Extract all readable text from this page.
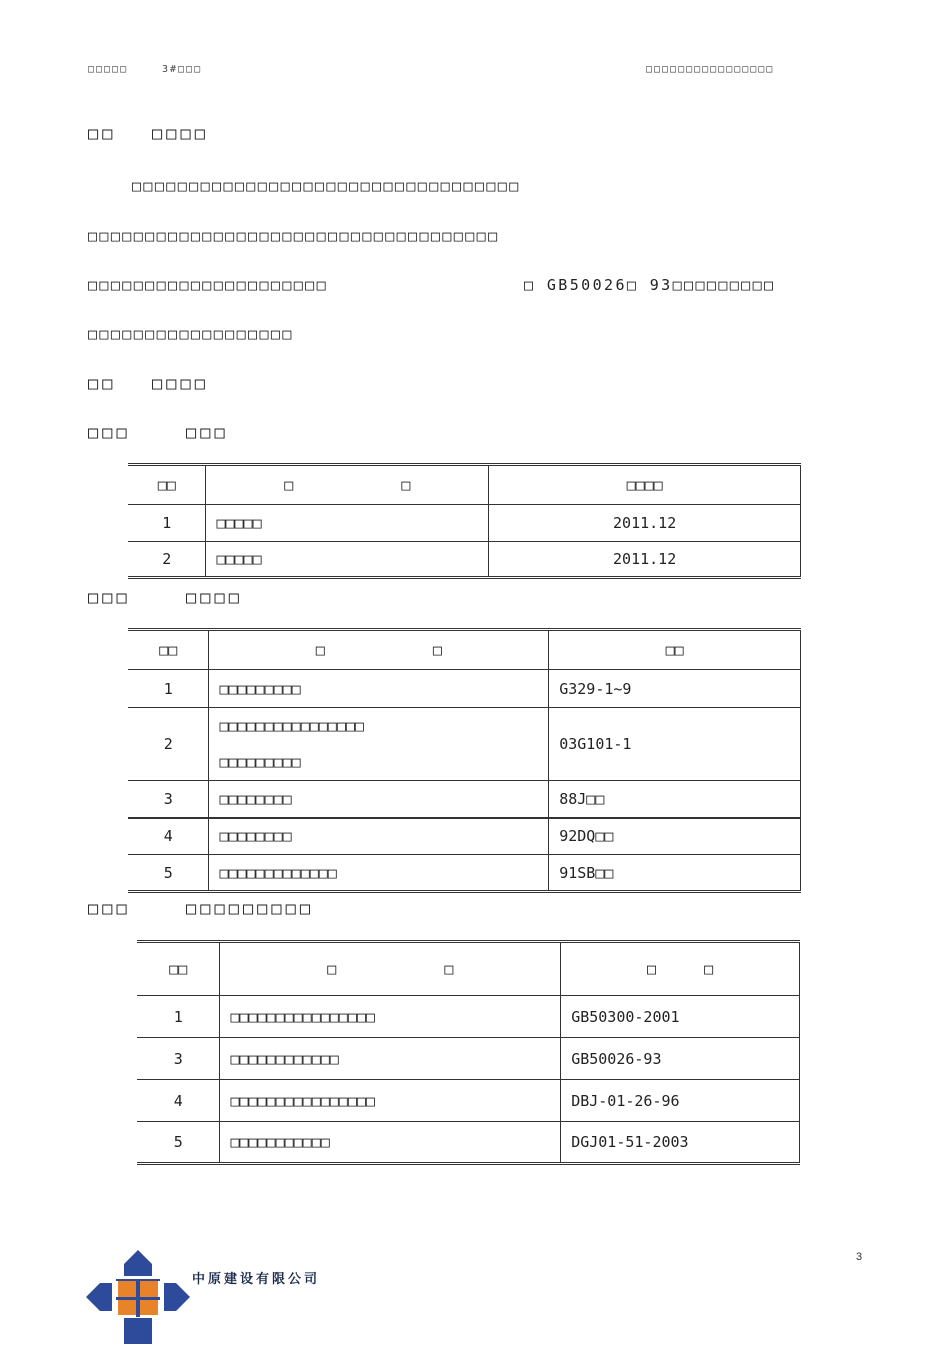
□□□□□	3#□□□	□□□□□□□□□□□□□□□□
□□ □□□□
□□□□□□□□□□□□□□□□□□□□□□□□□□□□□□□□□□
□□□□□□□□□□□□□□□□□□□□□□□□□□□□□□□□□□□□
□□□□□□□□□□□□□□□□□□□□□	□ GB50026□ 93□□□□□□□□□
□□□□□□□□□□□□□□□□□□
□□ □□□□
□□□	□□□
□□	□ □	□□□□
1	□□□□□	2011.12
2	□□□□□	2011.12
□□□	□□□□
□□	□ □	□□
1	□□□□□□□□□	G329-1~9
2	□□□□□□□□□□□□□□□□
□□□□□□□□□	03G101-1
3	□□□□□□□□	88J□□
4	□□□□□□□□	92DQ□□
5	□□□□□□□□□□□□□	91SB□□
□□□	□□□□□□□□□
□□	□ □	□ □
1	□□□□□□□□□□□□□□□□	GB50300-2001
3	□□□□□□□□□□□□	GB50026-93
4	□□□□□□□□□□□□□□□□	DBJ-01-26-96
5	□□□□□□□□□□□	DGJ01-51-2003
3
中原建设有限公司
